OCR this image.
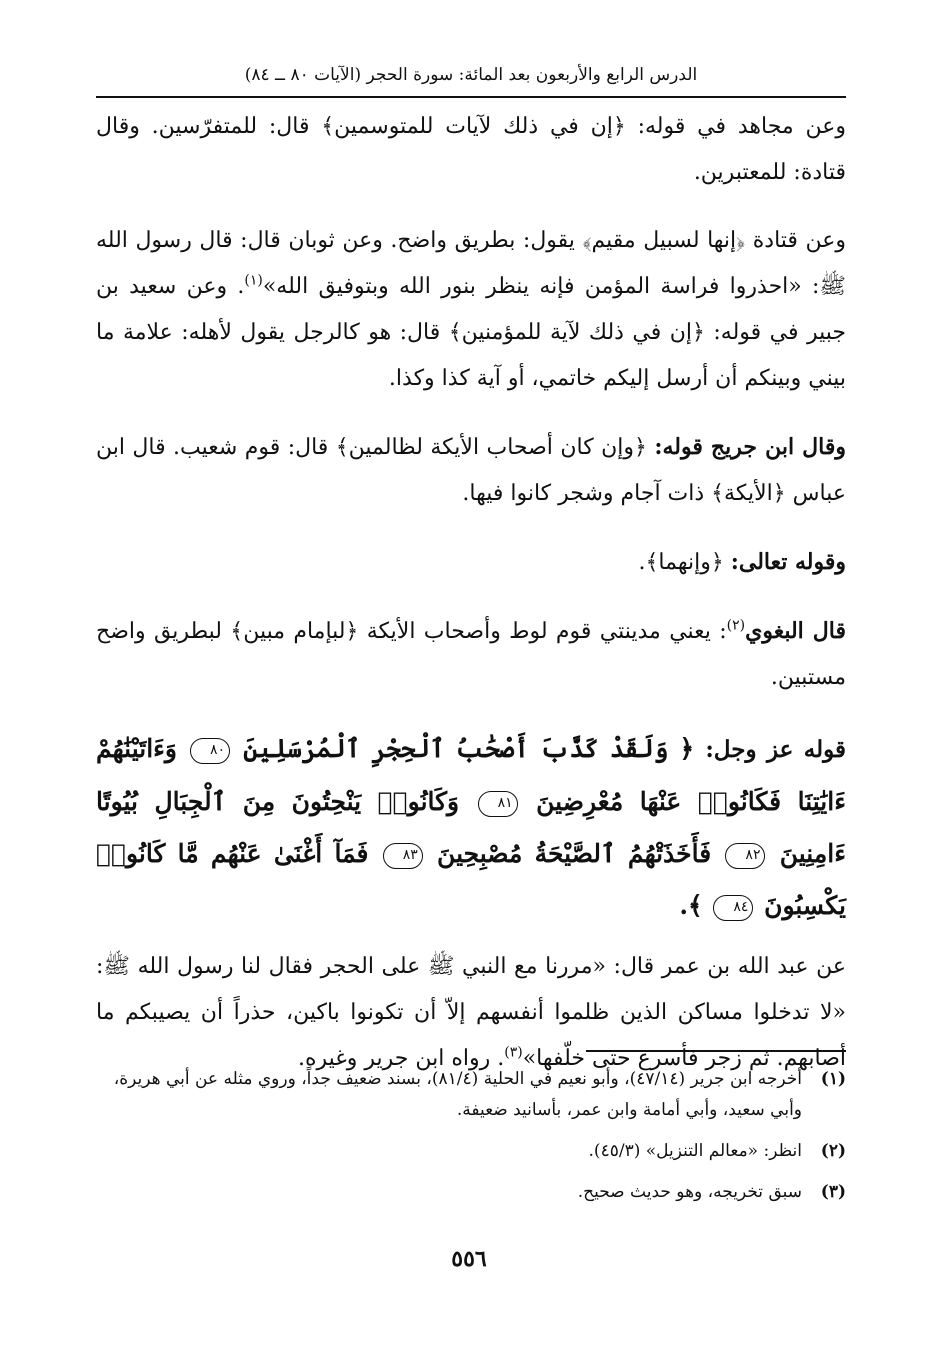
الدرس الرابع والأربعون بعد المائة: سورة الحجر (الآيات ٨٠ ــ ٨٤)

وعن مجاهد في قوله: ﴿إن في ذلك لآيات للمتوسمين﴾ قال: للمتفرّسين. وقال قتادة: للمعتبرين.

وعن قتادة ﴿إنها لسبيل مقيم﴾ يقول: بطريق واضح. وعن ثوبان قال: قال رسول الله ﷺ: «احذروا فراسة المؤمن فإنه ينظر بنور الله وبتوفيق الله»$^{(١)}$. وعن سعيد بن جبير في قوله: ﴿إن في ذلك لآية للمؤمنين﴾ قال: هو كالرجل يقول لأهله: علامة ما بيني وبينكم أن أرسل إليكم خاتمي، أو آية كذا وكذا.

وقال ابن جريج قوله: ﴿وإن كان أصحاب الأيكة لظالمين﴾ قال: قوم شعيب. قال ابن عباس ﴿الأيكة﴾ ذات آجام وشجر كانوا فيها.

وقوله تعالى: ﴿وإنهما﴾.

قال البغوي$^{(٢)}$: يعني مدينتي قوم لوط وأصحاب الأيكة ﴿لبإمام مبين﴾ لبطريق واضح مستبين.

قوله عز وجل: ﴿ وَلَقَدْ كَذَّبَ أَصْحَٰبُ ٱلْحِجْرِ ٱلْمُرْسَلِينَ ٨٠ وَءَاتَيْنَٰهُمْ ءَايَٰتِنَا فَكَانُوا۟ عَنْهَا مُعْرِضِينَ ٨١ وَكَانُوا۟ يَنْحِتُونَ مِنَ ٱلْجِبَالِ بُيُوتًا ءَامِنِينَ ٨٢ فَأَخَذَتْهُمُ ٱلصَّيْحَةُ مُصْبِحِينَ ٨٣ فَمَآ أَغْنَىٰ عَنْهُم مَّا كَانُوا۟ يَكْسِبُونَ ٨٤ ﴾.

عن عبد الله بن عمر قال: «مررنا مع النبي ﷺ على الحجر فقال لنا رسول الله ﷺ: «لا تدخلوا مساكن الذين ظلموا أنفسهم إلاّ أن تكونوا باكين، حذراً أن يصيبكم ما أصابهم. ثم زجر فأسرع حتى خلّفها»$^{(٣)}$. رواه ابن جرير وغيره.

(١)
أخرجه ابن جرير (٤٧/١٤)، وأبو نعيم في الحلية (٨١/٤)، بسند ضعيف جداً، وروي مثله عن أبي هريرة، وأبي سعيد، وأبي أمامة وابن عمر، بأسانيد ضعيفة.
(٢)
انظر: «معالم التنزيل» (٤٥/٣).
(٣)
سبق تخريجه، وهو حديث صحيح.
٥٥٦
